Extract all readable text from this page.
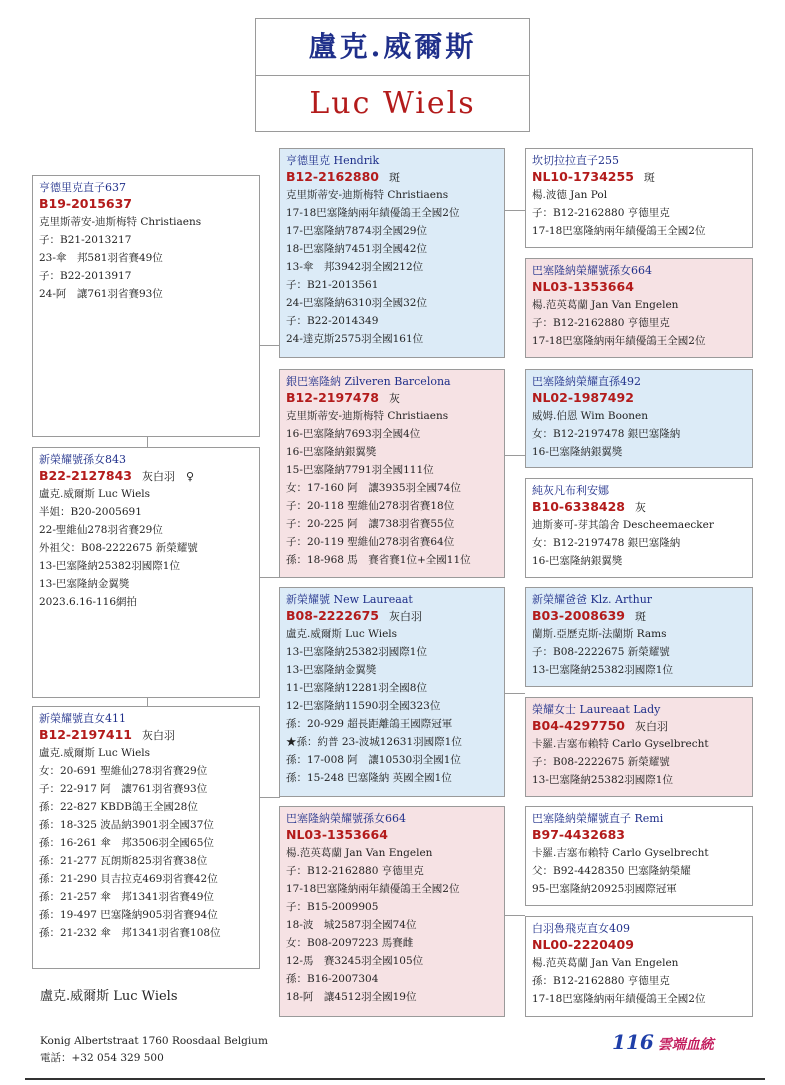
盧克.威爾斯
Luc Wiels
亨德里克直子637
B19-2015637
克里斯蒂安-迪斯梅特 Christiaens
子：B21-2013217
23-傘　邦581羽省賽49位
子：B22-2013917
24-阿　讓761羽省賽93位
新榮耀號孫女843
B22-2127843 灰白羽　♀
盧克.威爾斯 Luc Wiels
半姐：B20-2005691
22-聖維仙278羽省賽29位
外祖父：B08-2222675 新榮耀號
13-巴塞隆納25382羽國際1位
13-巴塞隆納金翼獎
2023.6.16-116網拍
新榮耀號直女411
B12-2197411 灰白羽
盧克.威爾斯 Luc Wiels
女：20-691 聖維仙278羽省賽29位
子：22-917 阿　讓761羽省賽93位
孫：22-827 KBDB鴿王全國28位
孫：18-325 波品納3901羽全國37位
孫：16-261 傘　邦3506羽全國65位
孫：21-277 瓦朗斯825羽省賽38位
孫：21-290 貝吉拉克469羽省賽42位
孫：21-257 傘　邦1341羽省賽49位
孫：19-497 巴塞隆納905羽省賽94位
孫：21-232 傘　邦1341羽省賽108位
亨德里克 Hendrik
B12-2162880 斑
克里斯蒂安-迪斯梅特 Christiaens
17-18巴塞隆納兩年績優鴿王全國2位
17-巴塞隆納7874羽全國29位
18-巴塞隆納7451羽全國42位
13-傘　邦3942羽全國212位
子：B21-2013561
24-巴塞隆納6310羽全國32位
子：B22-2014349
24-達克斯2575羽全國161位
銀巴塞隆納 Zilveren Barcelona
B12-2197478 灰
克里斯蒂安-迪斯梅特 Christiaens
16-巴塞隆納7693羽全國4位
16-巴塞隆納銀翼獎
15-巴塞隆納7791羽全國111位
女：17-160 阿　讓3935羽全國74位
子：20-118 聖維仙278羽省賽18位
子：20-225 阿　讓738羽省賽55位
子：20-119 聖維仙278羽省賽64位
孫：18-968 馬　賽省賽1位+全國11位
新榮耀號 New Laureaat
B08-2222675 灰白羽
盧克.威爾斯 Luc Wiels
13-巴塞隆納25382羽國際1位
13-巴塞隆納金翼獎
11-巴塞隆納12281羽全國8位
12-巴塞隆納11590羽全國323位
孫：20-929 超長距離鴿王國際冠軍
★孫：約普 23-波城12631羽國際1位
孫：17-008 阿　讓10530羽全國1位
孫：15-248 巴塞隆納 英國全國1位
巴塞隆納榮耀號孫女664
NL03-1353664
楊.范英葛蘭 Jan Van Engelen
子：B12-2162880 亨德里克
17-18巴塞隆納兩年績優鴿王全國2位
子：B15-2009905
18-波　城2587羽全國74位
女：B08-2097223 馬賽雌
12-馬　賽3245羽全國105位
孫：B16-2007304
18-阿　讓4512羽全國19位
坎切拉拉直子255
NL10-1734255 斑
楊.波德 Jan Pol
子：B12-2162880 亨德里克
17-18巴塞隆納兩年績優鴿王全國2位
巴塞隆納榮耀號孫女664
NL03-1353664
楊.范英葛蘭 Jan Van Engelen
子：B12-2162880 亨德里克
17-18巴塞隆納兩年績優鴿王全國2位
巴塞隆納榮耀直孫492
NL02-1987492
威姆.伯恩 Wim Boonen
女：B12-2197478 銀巴塞隆納
16-巴塞隆納銀翼獎
純灰凡布利安娜
B10-6338428 灰
迪斯麥可-芽其鴿舍 Descheemaecker
女：B12-2197478 銀巴塞隆納
16-巴塞隆納銀翼獎
新榮耀爸爸 Klz. Arthur
B03-2008639 斑
蘭斯.亞歷克斯-法蘭斯 Rams
子：B08-2222675 新榮耀號
13-巴塞隆納25382羽國際1位
榮耀女士 Laureaat Lady
B04-4297750 灰白羽
卡羅.吉塞布賴特 Carlo Gyselbrecht
子：B08-2222675 新榮耀號
13-巴塞隆納25382羽國際1位
巴塞隆納榮耀號直子 Remi
B97-4432683
卡羅.吉塞布賴特 Carlo Gyselbrecht
父：B92-4428350 巴塞隆納榮耀
95-巴塞隆納20925羽國際冠軍
白羽魯飛克直女409
NL00-2220409
楊.范英葛蘭 Jan Van Engelen
孫：B12-2162880 亨德里克
17-18巴塞隆納兩年績優鴿王全國2位
盧克.威爾斯 Luc Wiels
Konig Albertstraat 1760 Roosdaal Belgium
電話：+32 054 329 500
116 雲端血統
